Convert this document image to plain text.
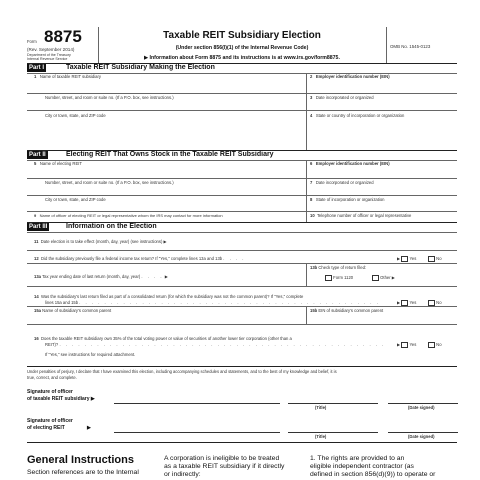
Form 8875
(Rev. September 2014)
Department of the Treasury
Internal Revenue Service
Taxable REIT Subsidiary Election
(Under section 856(l)(1) of the Internal Revenue Code)
▶ Information about Form 8875 and its instructions is at www.irs.gov/form8875.
OMB No. 1545-0123
Part I	Taxable REIT Subsidiary Making the Election
1 Name of taxable REIT subsidiary	2 Employer identification number (EIN)
Number, street, and room or suite no. (If a P.O. box, see instructions.)	3 Date incorporated or organized
City or town, state, and ZIP code	4 State or country of incorporation or organization
Part II	Electing REIT That Owns Stock in the Taxable REIT Subsidiary
5 Name of electing REIT	6 Employer identification number (EIN)
Number, street, and room or suite no. (If a P.O. box, see instructions.)	7 Date incorporated or organized
City or town, state, and ZIP code	8 State of incorporation or organization
9 Name of officer of electing REIT or legal representative whom the IRS may contact for more information	10 Telephone number of officer or legal representative
Part III	Information on the Election
11 Date election is to take effect (month, day, year) (see instructions) ▶
12 Did the subsidiary previously file a federal income tax return? If "Yes," complete lines 13a and 13b . . . .	▶  Yes	No
13a Tax year ending date of last return (month, day, year) . . . . ▶
13b Check type of return filed:
Form 1120	Other ▶
14 Was the subsidiary's last return filed as part of a consolidated return (for which the subsidiary was not the common parent)? If "Yes," complete
lines 15a and 15b . . . . . . . . . . . . . . . . . . . . . . . . . . . . . . . . . . . . . . . . . . . . . . . .	▶  Yes	No
15a Name of subsidiary's common parent	15b EIN of subsidiary's common parent
16 Does the taxable REIT subsidiary own 35% of the total voting power or value of securities of another lower tier corporation (other than a
REIT)? . . . . . . . . . . . . . . . . . . . . . . . . . . . . . . . . . . . . . . . . . . . . . . . . . . . .	▶  Yes	No
If "Yes," see instructions for required attachment.
Under penalties of perjury, I declare that I have examined this election, including accompanying schedules and statements, and to the best of my knowledge and belief, it is
true, correct, and complete.
Signature of officer
of taxable REIT subsidiary ▶
(Title)	(Date signed)
Signature of officer
of electing REIT	▶
(Title)	(Date signed)
General Instructions
Section references are to the Internal
A corporation is ineligible to be treated
as a taxable REIT subsidiary if it directly
or indirectly:
1. The rights are provided to an
eligible independent contractor (as
defined in section 856(d)(9)) to operate or
